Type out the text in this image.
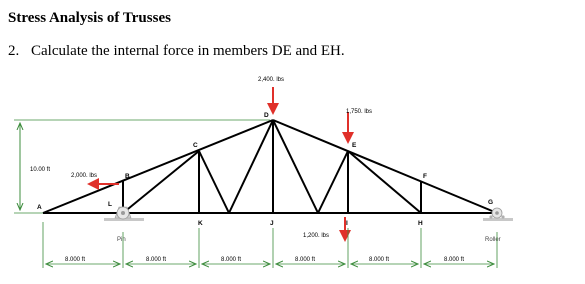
Stress Analysis of Trusses
2. Calculate the internal force in members DE and EH.
Pin	Roller
2,400. lbs
1,750. lbs
2,000. lbs
1,200. lbs
A
B
C
D
E
F
G
H
I
J
K
L
10.00 ft
8.000 ft	8.000 ft	8.000 ft	8.000 ft	8.000 ft	8.000 ft
